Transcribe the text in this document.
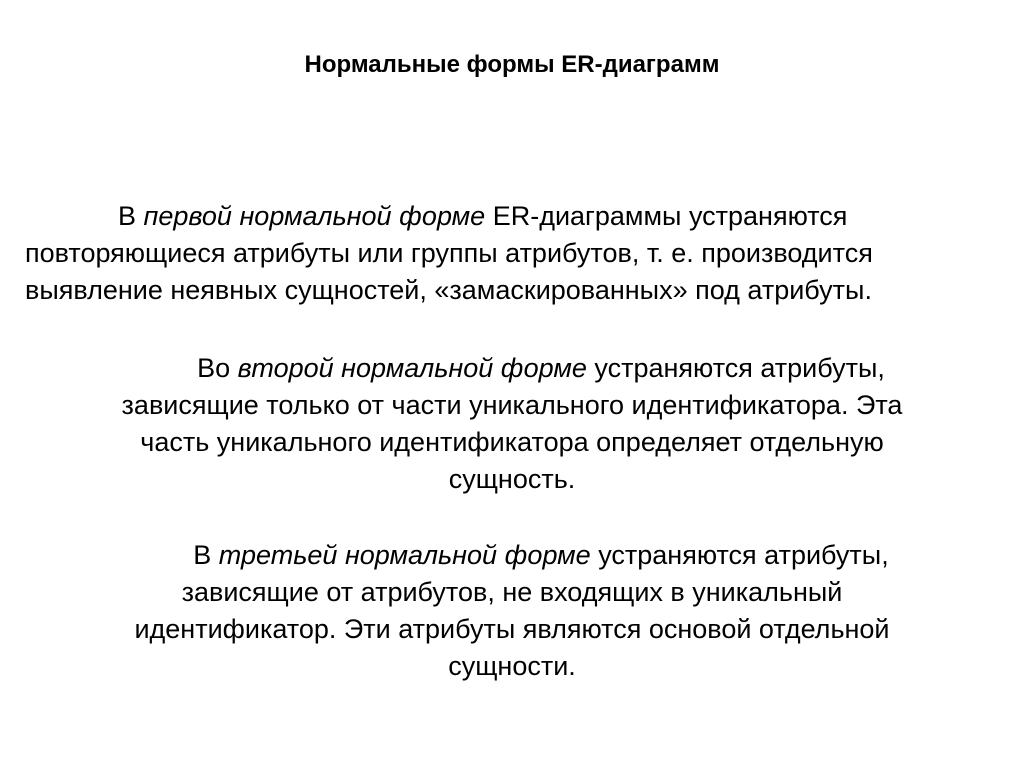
Нормальные формы ER-диаграмм
В первой нормальной форме ER-диаграммы устраняются
повторяющиеся атрибуты или группы атрибутов, т. е. производится
выявление неявных сущностей, «замаскированных» под атрибуты.
Во второй нормальной форме устраняются атрибуты,
зависящие только от части уникального идентификатора. Эта
часть уникального идентификатора определяет отдельную
сущность.
В третьей нормальной форме устраняются атрибуты,
зависящие от атрибутов, не входящих в уникальный
идентификатор. Эти атрибуты являются основой отдельной
сущности.
